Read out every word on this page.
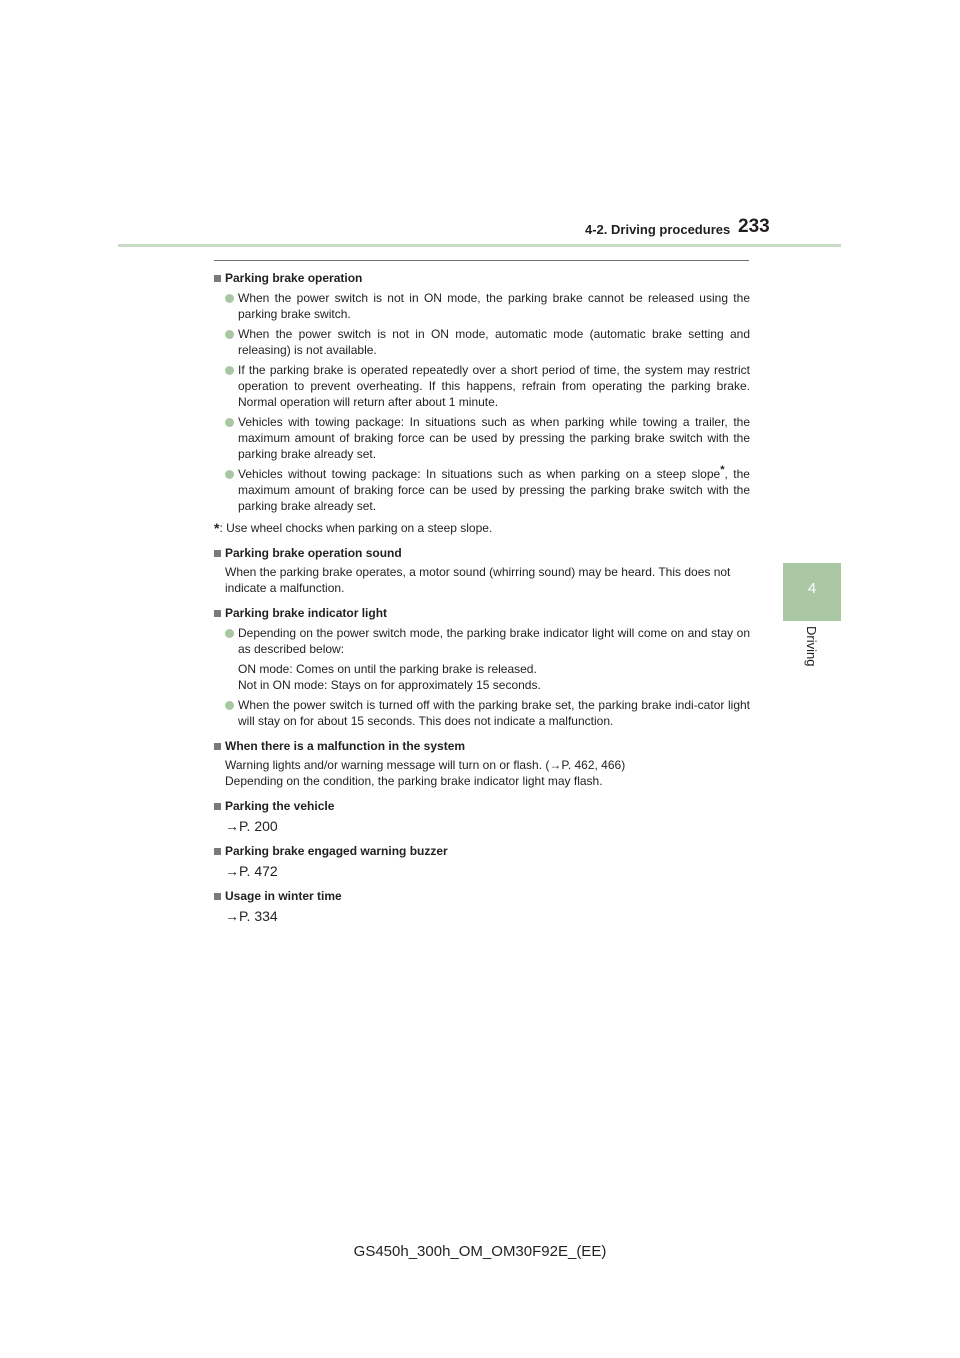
4-2. Driving procedures 233
4
Driving
Parking brake operation
When the power switch is not in ON mode, the parking brake cannot be released using the parking brake switch.
When the power switch is not in ON mode, automatic mode (automatic brake setting and releasing) is not available.
If the parking brake is operated repeatedly over a short period of time, the system may restrict operation to prevent overheating. If this happens, refrain from operating the parking brake. Normal operation will return after about 1 minute.
Vehicles with towing package: In situations such as when parking while towing a trailer, the maximum amount of braking force can be used by pressing the parking brake switch with the parking brake already set.
Vehicles without towing package: In situations such as when parking on a steep slope*, the maximum amount of braking force can be used by pressing the parking brake switch with the parking brake already set.
*: Use wheel chocks when parking on a steep slope.
Parking brake operation sound
When the parking brake operates, a motor sound (whirring sound) may be heard. This does not indicate a malfunction.
Parking brake indicator light
Depending on the power switch mode, the parking brake indicator light will come on and stay on as described below:
ON mode: Comes on until the parking brake is released.
Not in ON mode: Stays on for approximately 15 seconds.
When the power switch is turned off with the parking brake set, the parking brake indi-cator light will stay on for about 15 seconds. This does not indicate a malfunction.
When there is a malfunction in the system
Warning lights and/or warning message will turn on or flash. (→P. 462, 466)
Depending on the condition, the parking brake indicator light may flash.
Parking the vehicle
→P. 200
Parking brake engaged warning buzzer
→P. 472
Usage in winter time
→P. 334
GS450h_300h_OM_OM30F92E_(EE)
